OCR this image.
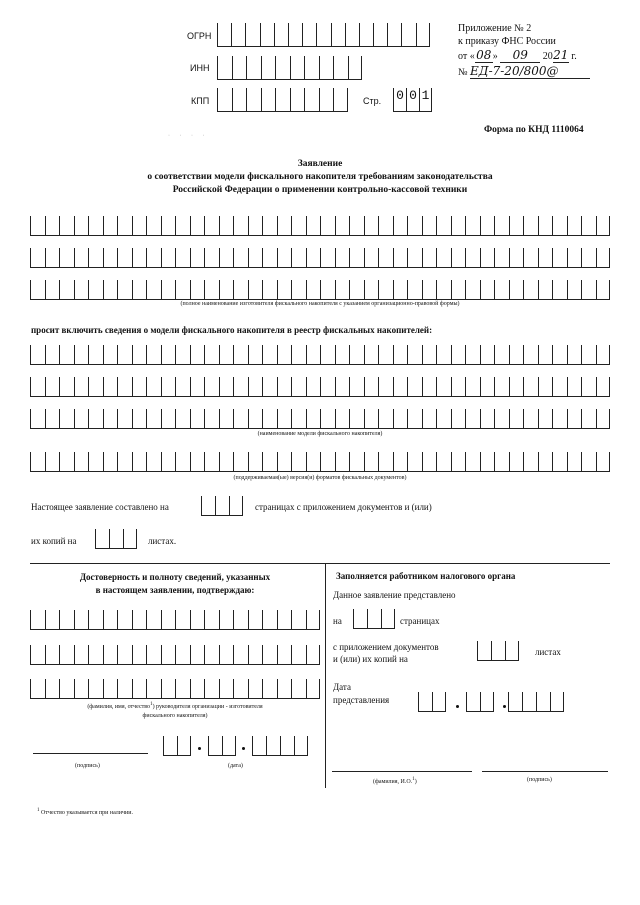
ОГРН
ИНН
КПП	Стр. 0 0 1
Приложение № 2
к приказу ФНС России
от «08» 09 2021 г.
№ ЕД-7-20/800@
· · · ·
Форма по КНД 1110064
Заявление
о соответствии модели фискального накопителя требованиям законодательства
Российской Федерации о применении контрольно-кассовой техники
(полное наименование изготовителя фискального накопителя с указанием организационно-правовой формы)
просит включить сведения о модели фискального накопителя в реестр фискальных накопителей:
(наименование модели фискального накопителя)
(поддерживаемая(ые) версия(и) форматов фискальных документов)
Настоящее заявление составлено на	страницах с приложением документов и (или)
их копий на	листах.
Достоверность и полноту сведений, указанных
в настоящем заявлении, подтверждаю:
(фамилия, имя, отчество$^1$) руководителя организации - изготовителя
фискального накопителя)
(подпись)	(дата)
Заполняется работником налогового органа
Данное заявление представлено
на	страницах
с приложением документов
и (или) их копий на
листах
Дата
представления
(фамилия, И.О.$^1$)	(подпись)
$^1$ Отчество указывается при наличии.
